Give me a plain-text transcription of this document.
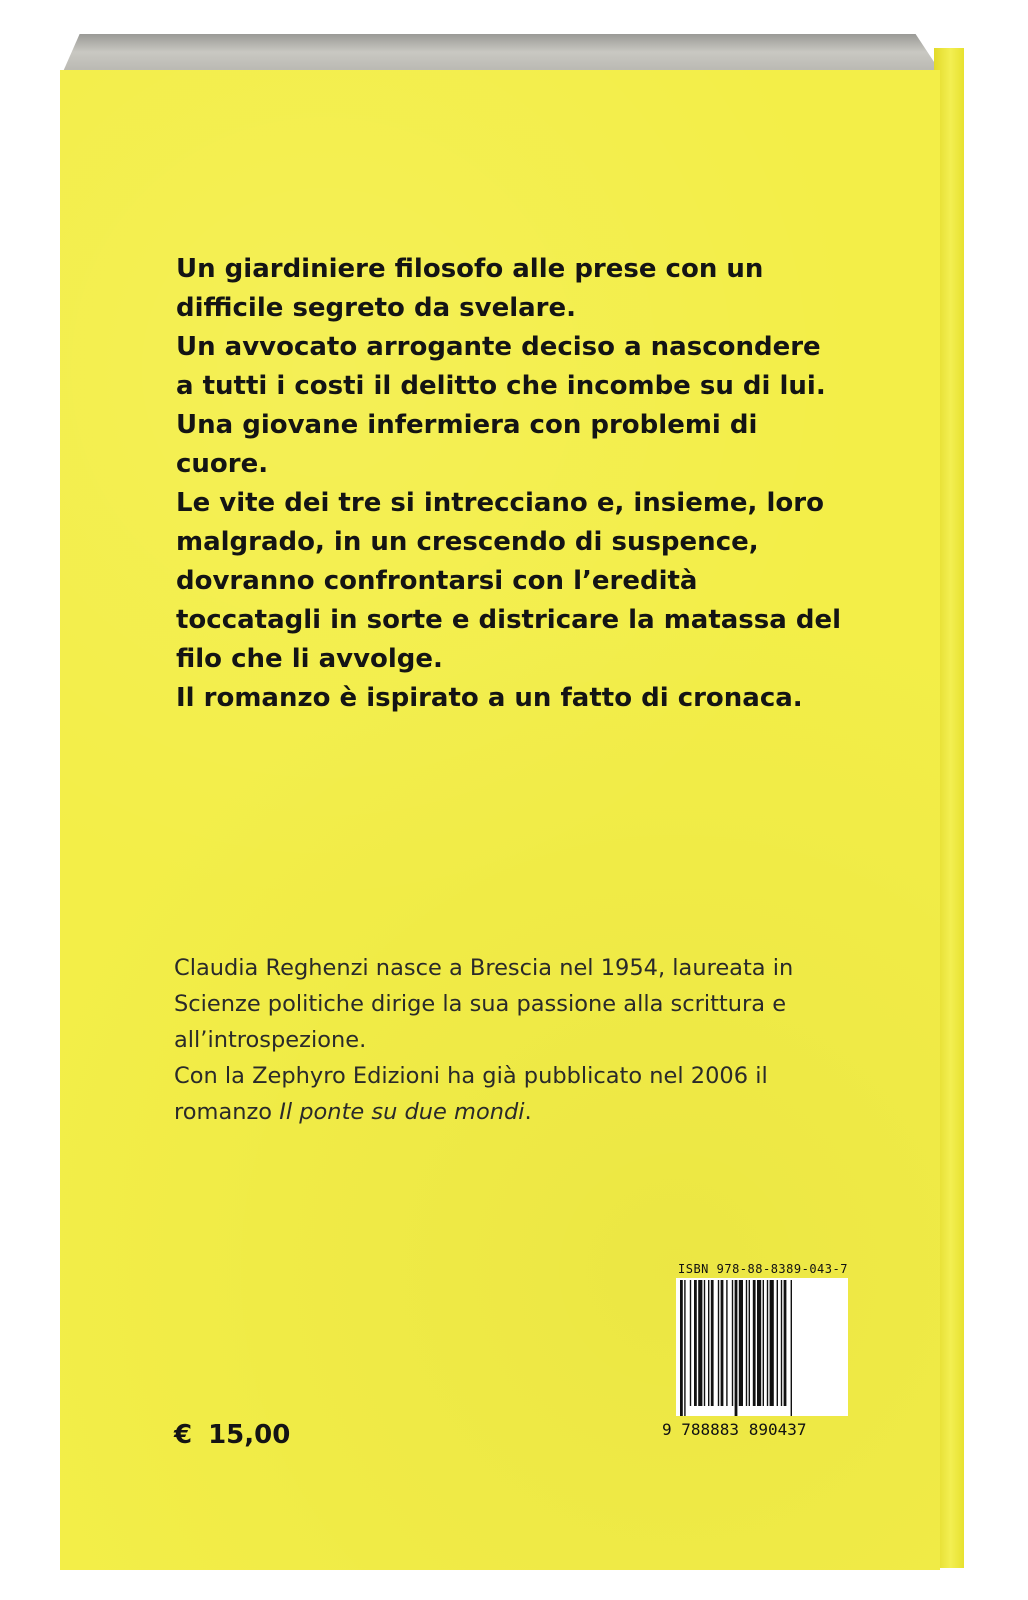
Un giardiniere filosofo alle prese con un

difficile segreto da svelare.

Un avvocato arrogante deciso a nascondere

a tutti i costi il delitto che incombe su di lui.

Una giovane infermiera con problemi di

cuore.

Le vite dei tre si intrecciano e, insieme, loro

malgrado, in un crescendo di suspence,

dovranno confrontarsi con l’eredità

toccatagli in sorte e districare la matassa del

filo che li avvolge.

Il romanzo è ispirato a un fatto di cronaca.

Claudia Reghenzi nasce a Brescia nel 1954, laureata in

Scienze politiche dirige la sua passione alla scrittura e

all’introspezione.

Con la Zephyro Edizioni ha già pubblicato nel 2006 il

romanzo Il ponte su due mondi.

ISBN 978-88-8389-043-7
9 788883 890437
€ 15,00
